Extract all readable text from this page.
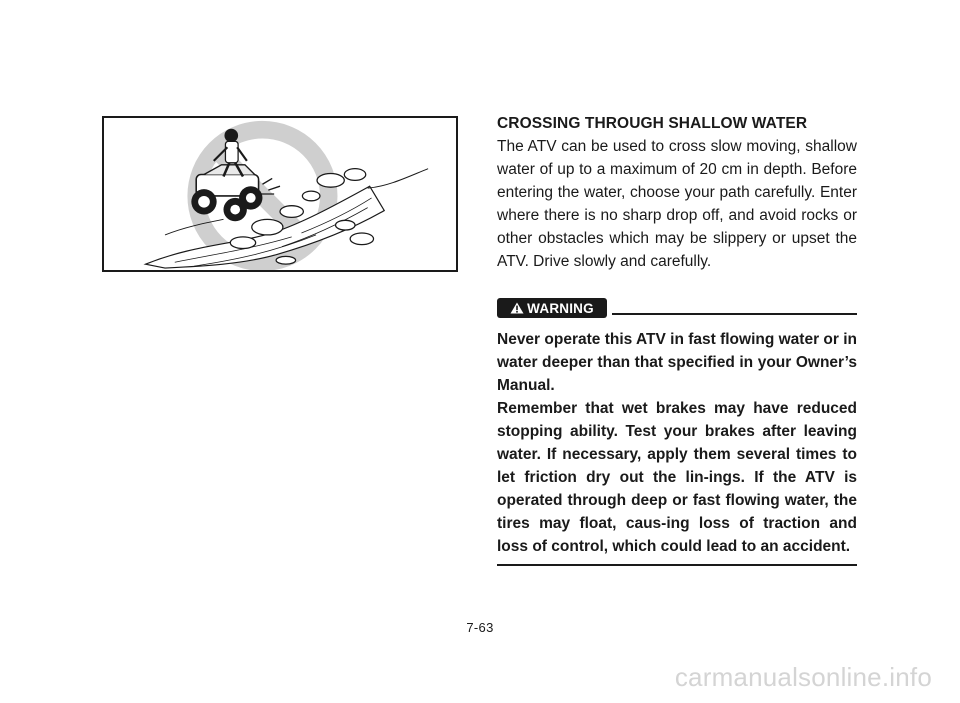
CROSSING THROUGH SHALLOW WATER

The ATV can be used to cross slow moving, shallow water of up to a maximum of 20 cm in depth. Before entering the water, choose your path carefully. Enter where there is no sharp drop off, and avoid rocks or other obstacles which may be slippery or upset the ATV. Drive slowly and carefully.

WARNING

Never operate this ATV in fast flowing water or in water deeper than that specified in your Owner’s Manual.

Remember that wet brakes may have reduced stopping ability. Test your brakes after leaving water. If necessary, apply them several times to let friction dry out the lin-ings. If the ATV is operated through deep or fast flowing water, the tires may float, caus-ing loss of traction and loss of control, which could lead to an accident.

7-63
carmanualsonline.info
